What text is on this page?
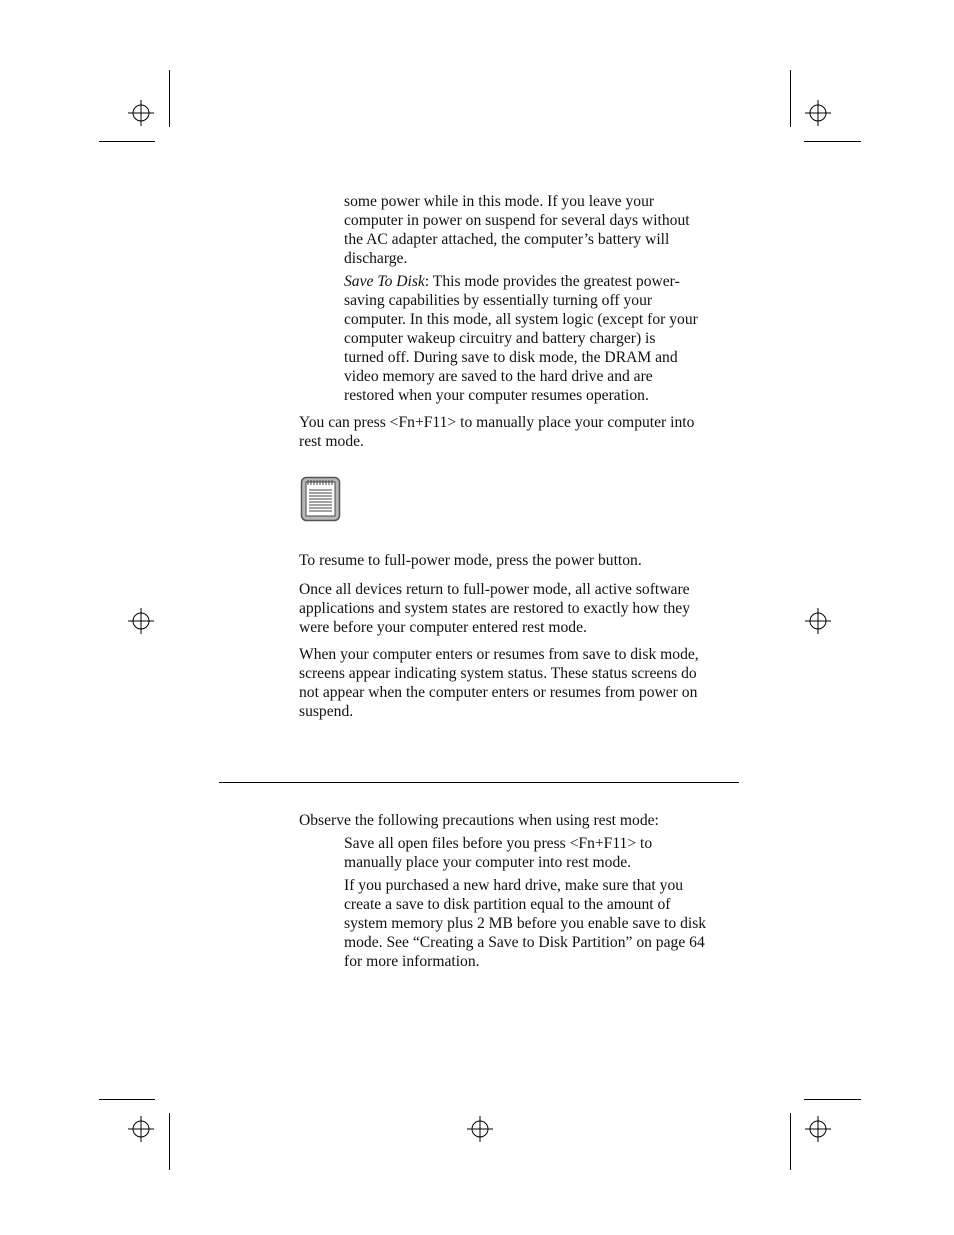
some power while in this mode. If you leave your
computer in power on suspend for several days without
the AC adapter attached, the computer’s battery will
discharge.
Save To Disk: This mode provides the greatest power-
saving capabilities by essentially turning off your
computer. In this mode, all system logic (except for your
computer wakeup circuitry and battery charger) is
turned off. During save to disk mode, the DRAM and
video memory are saved to the hard drive and are
restored when your computer resumes operation.
You can press <Fn+F11> to manually place your computer into
rest mode.
To resume to full-power mode, press the power button.
Once all devices return to full-power mode, all active software
applications and system states are restored to exactly how they
were before your computer entered rest mode.
When your computer enters or resumes from save to disk mode,
screens appear indicating system status. These status screens do
not appear when the computer enters or resumes from power on
suspend.
Observe the following precautions when using rest mode:
Save all open files before you press <Fn+F11> to
manually place your computer into rest mode.
If you purchased a new hard drive, make sure that you
create a save to disk partition equal to the amount of
system memory plus 2 MB before you enable save to disk
mode. See “Creating a Save to Disk Partition” on page 64
for more information.
